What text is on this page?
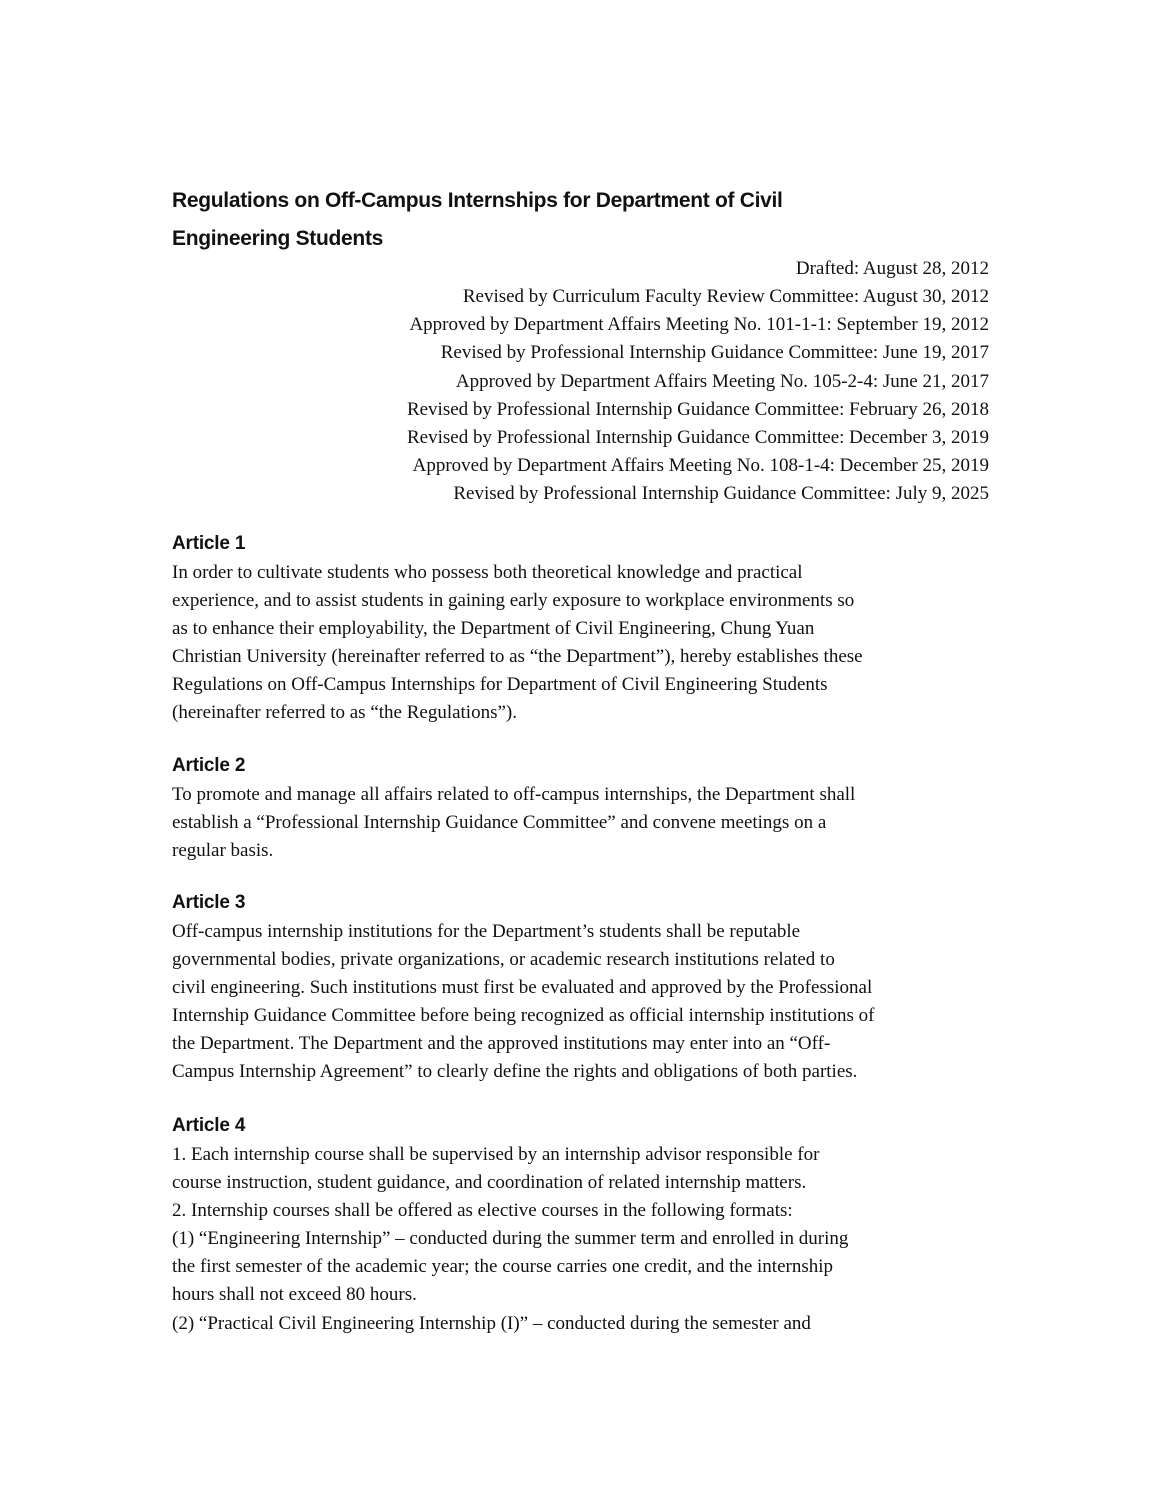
Regulations on Off-Campus Internships for Department of Civil
Engineering Students
Drafted: August 28, 2012
Revised by Curriculum Faculty Review Committee: August 30, 2012
Approved by Department Affairs Meeting No. 101-1-1: September 19, 2012
Revised by Professional Internship Guidance Committee: June 19, 2017
Approved by Department Affairs Meeting No. 105-2-4: June 21, 2017
Revised by Professional Internship Guidance Committee: February 26, 2018
Revised by Professional Internship Guidance Committee: December 3, 2019
Approved by Department Affairs Meeting No. 108-1-4: December 25, 2019
Revised by Professional Internship Guidance Committee: July 9, 2025
Article 1
In order to cultivate students who possess both theoretical knowledge and practical
experience, and to assist students in gaining early exposure to workplace environments so
as to enhance their employability, the Department of Civil Engineering, Chung Yuan
Christian University (hereinafter referred to as “the Department”), hereby establishes these
Regulations on Off-Campus Internships for Department of Civil Engineering Students
(hereinafter referred to as “the Regulations”).
Article 2
To promote and manage all affairs related to off-campus internships, the Department shall
establish a “Professional Internship Guidance Committee” and convene meetings on a
regular basis.
Article 3
Off-campus internship institutions for the Department’s students shall be reputable
governmental bodies, private organizations, or academic research institutions related to
civil engineering. Such institutions must first be evaluated and approved by the Professional
Internship Guidance Committee before being recognized as official internship institutions of
the Department. The Department and the approved institutions may enter into an “Off-
Campus Internship Agreement” to clearly define the rights and obligations of both parties.
Article 4
1. Each internship course shall be supervised by an internship advisor responsible for
course instruction, student guidance, and coordination of related internship matters.
2. Internship courses shall be offered as elective courses in the following formats:
(1) “Engineering Internship” – conducted during the summer term and enrolled in during
the first semester of the academic year; the course carries one credit, and the internship
hours shall not exceed 80 hours.
(2) “Practical Civil Engineering Internship (I)” – conducted during the semester and
